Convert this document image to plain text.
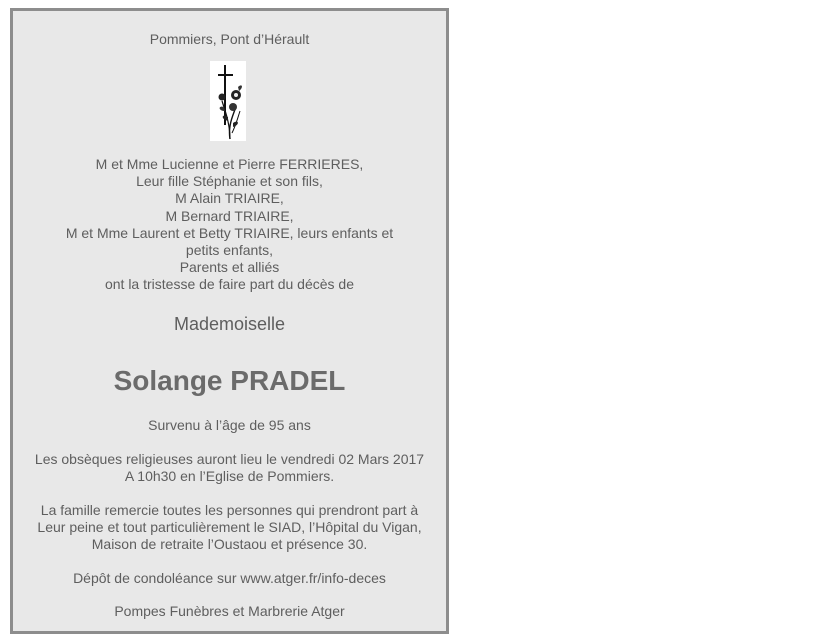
Pommiers, Pont d’Hérault
M et Mme Lucienne et Pierre FERRIERES,
Leur fille Stéphanie et son fils,
M Alain TRIAIRE,
M Bernard TRIAIRE,
M et Mme Laurent et Betty TRIAIRE, leurs enfants et
petits enfants,
Parents et alliés
ont la tristesse de faire part du décès de
Mademoiselle
Solange PRADEL
Survenu à l’âge de 95 ans
Les obsèques religieuses auront lieu le vendredi 02 Mars 2017
A 10h30 en l’Eglise de Pommiers.
La famille remercie toutes les personnes qui prendront part à
Leur peine et tout particulièrement le SIAD, l’Hôpital du Vigan,
Maison de retraite l’Oustaou et présence 30.
Dépôt de condoléance sur www.atger.fr/info-deces
Pompes Funèbres et Marbrerie Atger
